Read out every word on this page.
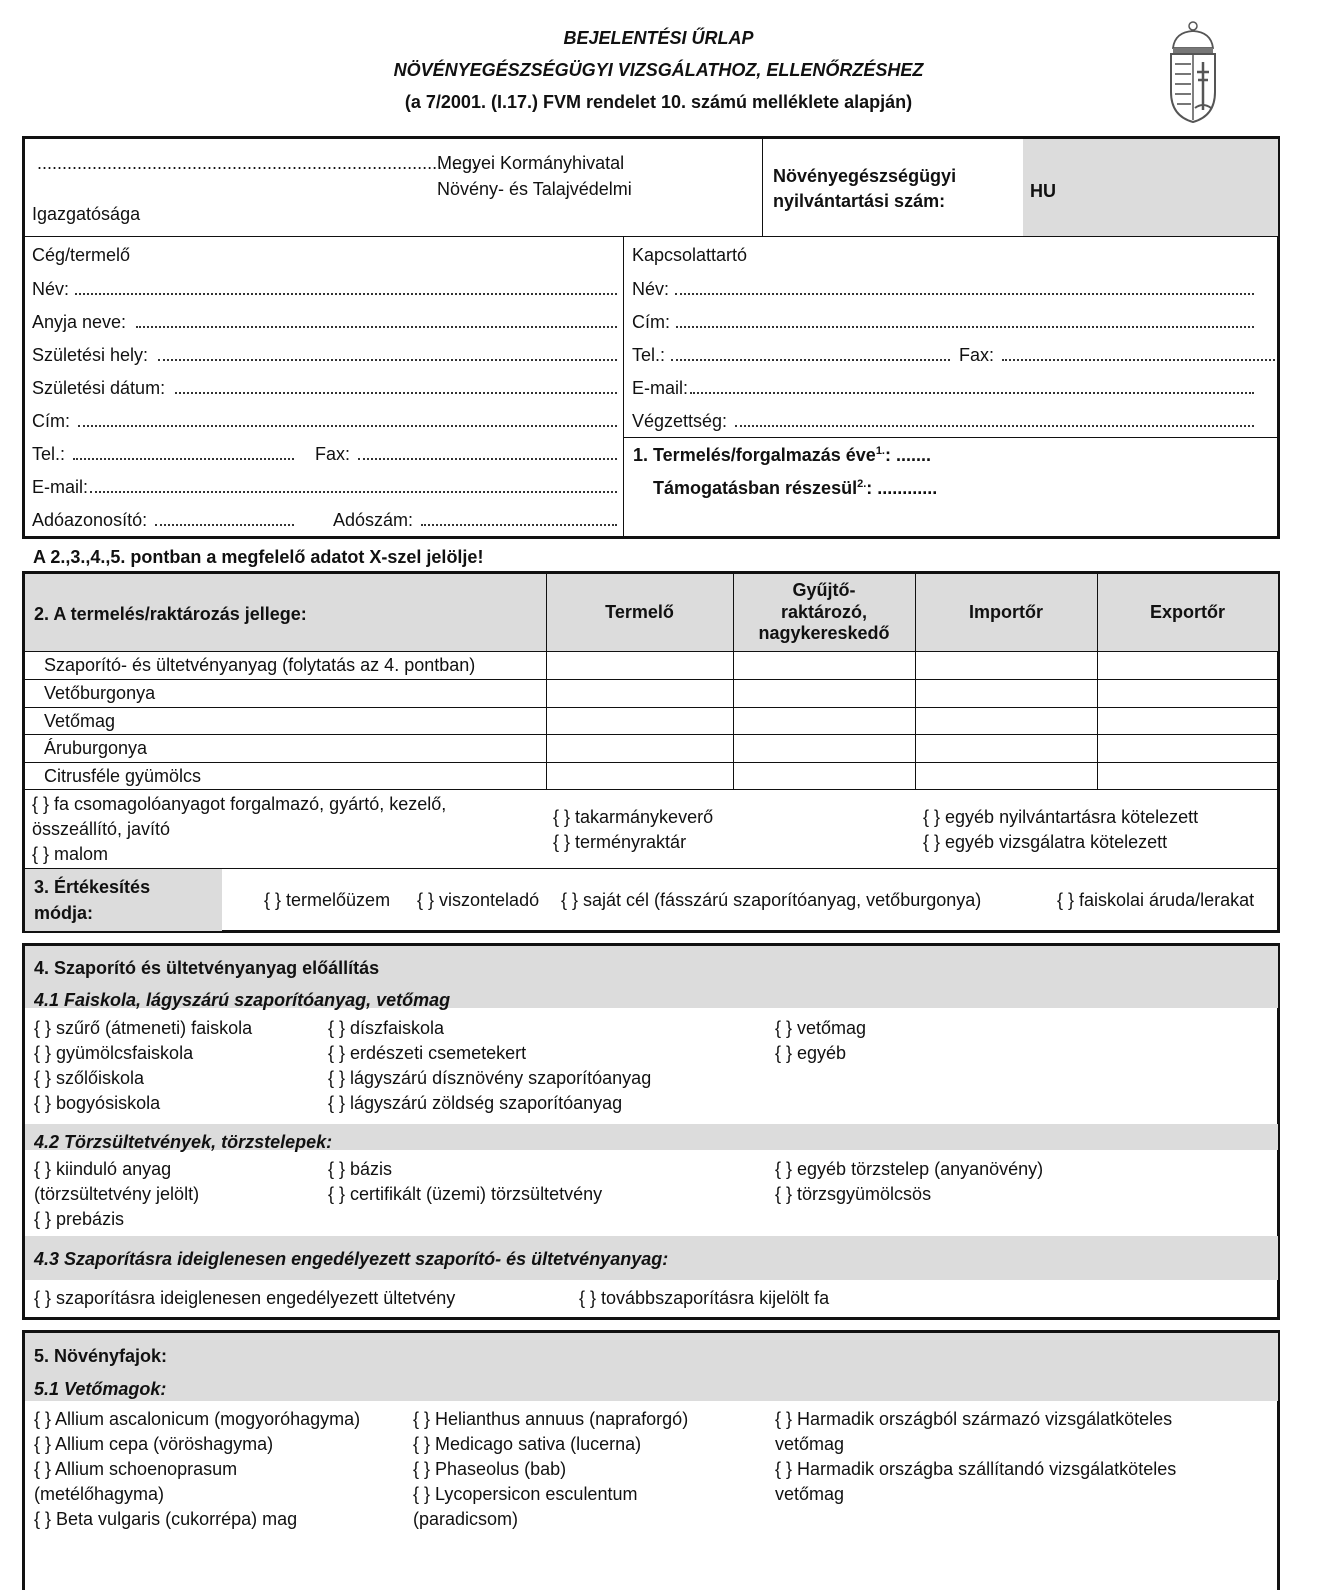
BEJELENTÉSI ŰRLAP
NÖVÉNYEGÉSZSÉGÜGYI VIZSGÁLATHOZ, ELLENŐRZÉSHEZ
(a 7/2001. (I.17.) FVM rendelet 10. számú melléklete alapján)
........................................................................................
Megyei Kormányhivatal
Növény- és Talajvédelmi
Igazgatósága
Növényegészségügyi
nyilvántartási szám:	HU
Cég/termelő
Név:
Anyja neve:
Születési hely:
Születési dátum:
Cím:
Tel.:	Fax:
E-mail:
Adóazonosító:	Adószám:
Kapcsolattartó
Név:
Cím:
Tel.:	Fax:
E-mail:
Végzettség:
1. Termelés/forgalmazás éve$^{1.}$: .......
Támogatásban részesül$^{2.}$: ............
A 2.,3.,4.,5. pontban a megfelelő adatot X-szel jelölje!
2. A termelés/raktározás jellege:	Termelő
Gyűjtő-
raktározó,
nagykereskedő
Importőr	Exportőr
Szaporító- és ültetvényanyag (folytatás az 4. pontban)
Vetőburgonya
Vetőmag
Áruburgonya
Citrusféle gyümölcs
{ } fa csomagolóanyagot forgalmazó, gyártó, kezelő,
összeállító, javító
{ } malom
{ } takarmánykeverő
{ } terményraktár
{ } egyéb nyilvántartásra kötelezett
{ } egyéb vizsgálatra kötelezett
3. Értékesítés
módja:
{ } termelőüzem { } viszonteladó { } saját cél (fásszárú szaporítóanyag, vetőburgonya)	{ } faiskolai áruda/lerakat
4. Szaporító és ültetvényanyag előállítás
4.1 Faiskola, lágyszárú szaporítóanyag, vetőmag
{ } szűrő (átmeneti) faiskola
{ } gyümölcsfaiskola
{ } szőlőiskola
{ } bogyósiskola
{ } díszfaiskola
{ } erdészeti csemetekert
{ } lágyszárú dísznövény szaporítóanyag
{ } lágyszárú zöldség szaporítóanyag
{ } vetőmag
{ } egyéb
4.2 Törzsültetvények, törzstelepek:
{ } kiinduló anyag
(törzsültetvény jelölt)
{ } prebázis
{ } bázis
{ } certifikált (üzemi) törzsültetvény
{ } egyéb törzstelep (anyanövény)
{ } törzsgyümölcsös
4.3 Szaporításra ideiglenesen engedélyezett szaporító- és ültetvényanyag:
{ } szaporításra ideiglenesen engedélyezett ültetvény	{ } továbbszaporításra kijelölt fa
5. Növényfajok:
5.1 Vetőmagok:
{ } Allium ascalonicum (mogyoróhagyma)
{ } Allium cepa (vöröshagyma)
{ } Allium schoenoprasum
(metélőhagyma)
{ } Beta vulgaris (cukorrépa) mag
{ } Helianthus annuus (napraforgó)
{ } Medicago sativa (lucerna)
{ } Phaseolus (bab)
{ } Lycopersicon esculentum
(paradicsom)
{ } Harmadik országból származó vizsgálatköteles
vetőmag
{ } Harmadik országba szállítandó vizsgálatköteles
vetőmag
